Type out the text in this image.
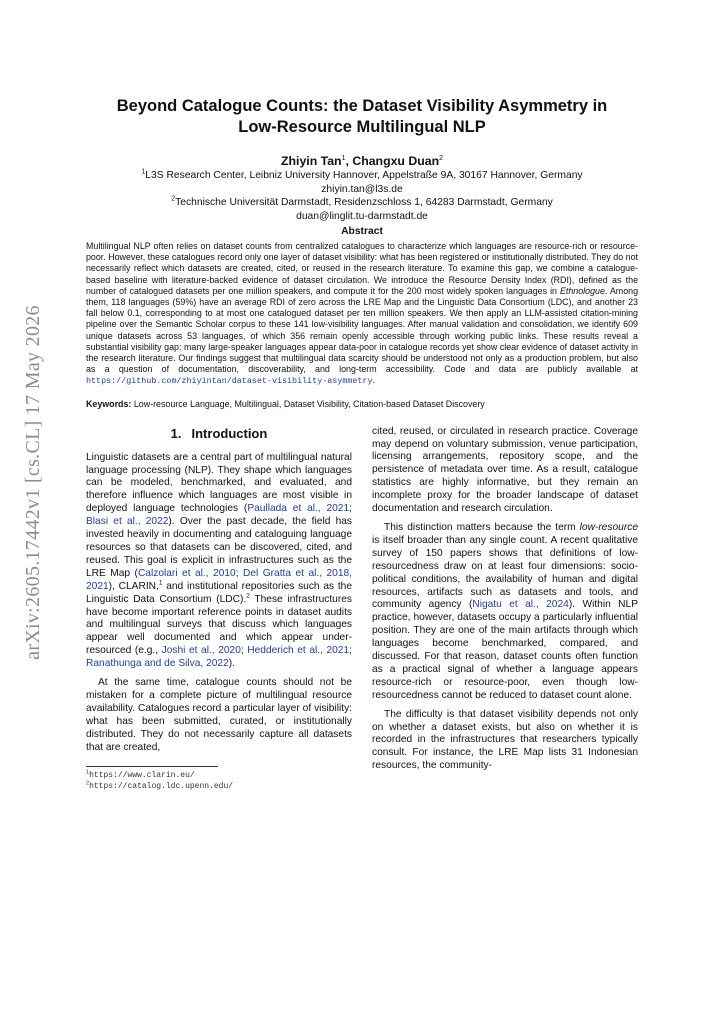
arXiv:2605.17442v1 [cs.CL] 17 May 2026
Beyond Catalogue Counts: the Dataset Visibility Asymmetry in
Low-Resource Multilingual NLP
Zhiyin Tan$^1$, Changxu Duan$^2$
$^1$L3S Research Center, Leibniz University Hannover, Appelstraße 9A, 30167 Hannover, Germany
zhiyin.tan@l3s.de
$^2$Technische Universität Darmstadt, Residenzschloss 1, 64283 Darmstadt, Germany
duan@linglit.tu-darmstadt.de
Abstract
Multilingual NLP often relies on dataset counts from centralized catalogues to characterize which languages are resource-rich or resource-poor. However, these catalogues record only one layer of dataset visibility: what has been registered or institutionally distributed. They do not necessarily reflect which datasets are created, cited, or reused in the research literature. To examine this gap, we combine a catalogue-based baseline with literature-backed evidence of dataset circulation. We introduce the Resource Density Index (RDI), defined as the number of catalogued datasets per one million speakers, and compute it for the 200 most widely spoken languages in Ethnologue. Among them, 118 languages (59%) have an average RDI of zero across the LRE Map and the Linguistic Data Consortium (LDC), and another 23 fall below 0.1, corresponding to at most one catalogued dataset per ten million speakers. We then apply an LLM-assisted citation-mining pipeline over the Semantic Scholar corpus to these 141 low-visibility languages. After manual validation and consolidation, we identify 609 unique datasets across 53 languages, of which 356 remain openly accessible through working public links. These results reveal a substantial visibility gap: many large-speaker languages appear data-poor in catalogue records yet show clear evidence of dataset activity in the research literature. Our findings suggest that multilingual data scarcity should be understood not only as a production problem, but also as a question of documentation, discoverability, and long-term accessibility. Code and data are publicly available at https://github.com/zhiyintan/dataset-visibility-asymmetry.
Keywords: Low-resource Language, Multilingual, Dataset Visibility, Citation-based Dataset Discovery
1. Introduction

Linguistic datasets are a central part of multilingual natural language processing (NLP). They shape which languages can be modeled, benchmarked, and evaluated, and therefore influence which languages are most visible in deployed language technologies (Paullada et al., 2021; Blasi et al., 2022). Over the past decade, the field has invested heavily in documenting and cataloguing language resources so that datasets can be discovered, cited, and reused. This goal is explicit in infrastructures such as the LRE Map (Calzolari et al., 2010; Del Gratta et al., 2018, 2021), CLARIN,$^1$ and institutional repositories such as the Linguistic Data Consortium (LDC).$^2$ These infrastructures have become important reference points in dataset audits and multilingual surveys that discuss which languages appear well documented and which appear under-resourced (e.g., Joshi et al., 2020; Hedderich et al., 2021; Ranathunga and de Silva, 2022).

At the same time, catalogue counts should not be mistaken for a complete picture of multilingual resource availability. Catalogues record a particular layer of visibility: what has been submitted, curated, or institutionally distributed. They do not necessarily capture all datasets that are created,

$^1$https://www.clarin.eu/
$^2$https://catalog.ldc.upenn.edu/

cited, reused, or circulated in research practice. Coverage may depend on voluntary submission, venue participation, licensing arrangements, repository scope, and the persistence of metadata over time. As a result, catalogue statistics are highly informative, but they remain an incomplete proxy for the broader landscape of dataset documentation and research circulation.

This distinction matters because the term low-resource is itself broader than any single count. A recent qualitative survey of 150 papers shows that definitions of low-resourcedness draw on at least four dimensions: socio-political conditions, the availability of human and digital resources, artifacts such as datasets and tools, and community agency (Nigatu et al., 2024). Within NLP practice, however, datasets occupy a particularly influential position. They are one of the main artifacts through which languages become benchmarked, compared, and discussed. For that reason, dataset counts often function as a practical signal of whether a language appears resource-rich or resource-poor, even though low-resourcedness cannot be reduced to dataset count alone.

The difficulty is that dataset visibility depends not only on whether a dataset exists, but also on whether it is recorded in the infrastructures that researchers typically consult. For instance, the LRE Map lists 31 Indonesian resources, the community-
